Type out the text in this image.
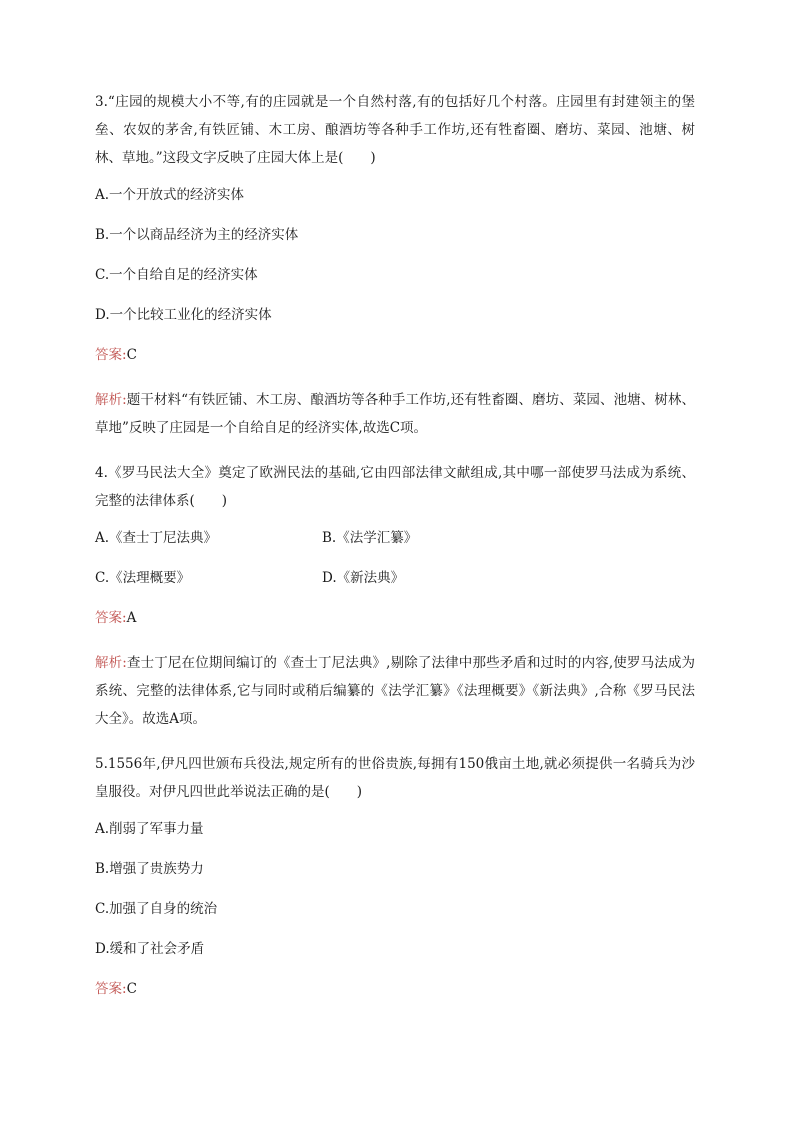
3.“庄园的规模大小不等,有的庄园就是一个自然村落,有的包括好几个村落。庄园里有封建领主的堡垒、农奴的茅舍,有铁匠铺、木工房、酿酒坊等各种手工作坊,还有牲畜圈、磨坊、菜园、池塘、树林、草地。”这段文字反映了庄园大体上是(　　)

A.一个开放式的经济实体
B.一个以商品经济为主的经济实体
C.一个自给自足的经济实体
D.一个比较工业化的经济实体
答案:C

解析:题干材料“有铁匠铺、木工房、酿酒坊等各种手工作坊,还有牲畜圈、磨坊、菜园、池塘、树林、草地”反映了庄园是一个自给自足的经济实体,故选C项。

4.《罗马民法大全》奠定了欧洲民法的基础,它由四部法律文献组成,其中哪一部使罗马法成为系统、完整的法律体系(　　)

A.《查士丁尼法典》	B.《法学汇纂》
C.《法理概要》	D.《新法典》
答案:A

解析:查士丁尼在位期间编订的《查士丁尼法典》,剔除了法律中那些矛盾和过时的内容,使罗马法成为系统、完整的法律体系,它与同时或稍后编纂的《法学汇纂》《法理概要》《新法典》,合称《罗马民法大全》。故选A项。

5.1556年,伊凡四世颁布兵役法,规定所有的世俗贵族,每拥有150俄亩土地,就必须提供一名骑兵为沙皇服役。对伊凡四世此举说法正确的是(　　)

A.削弱了军事力量
B.增强了贵族势力
C.加强了自身的统治
D.缓和了社会矛盾
答案:C
